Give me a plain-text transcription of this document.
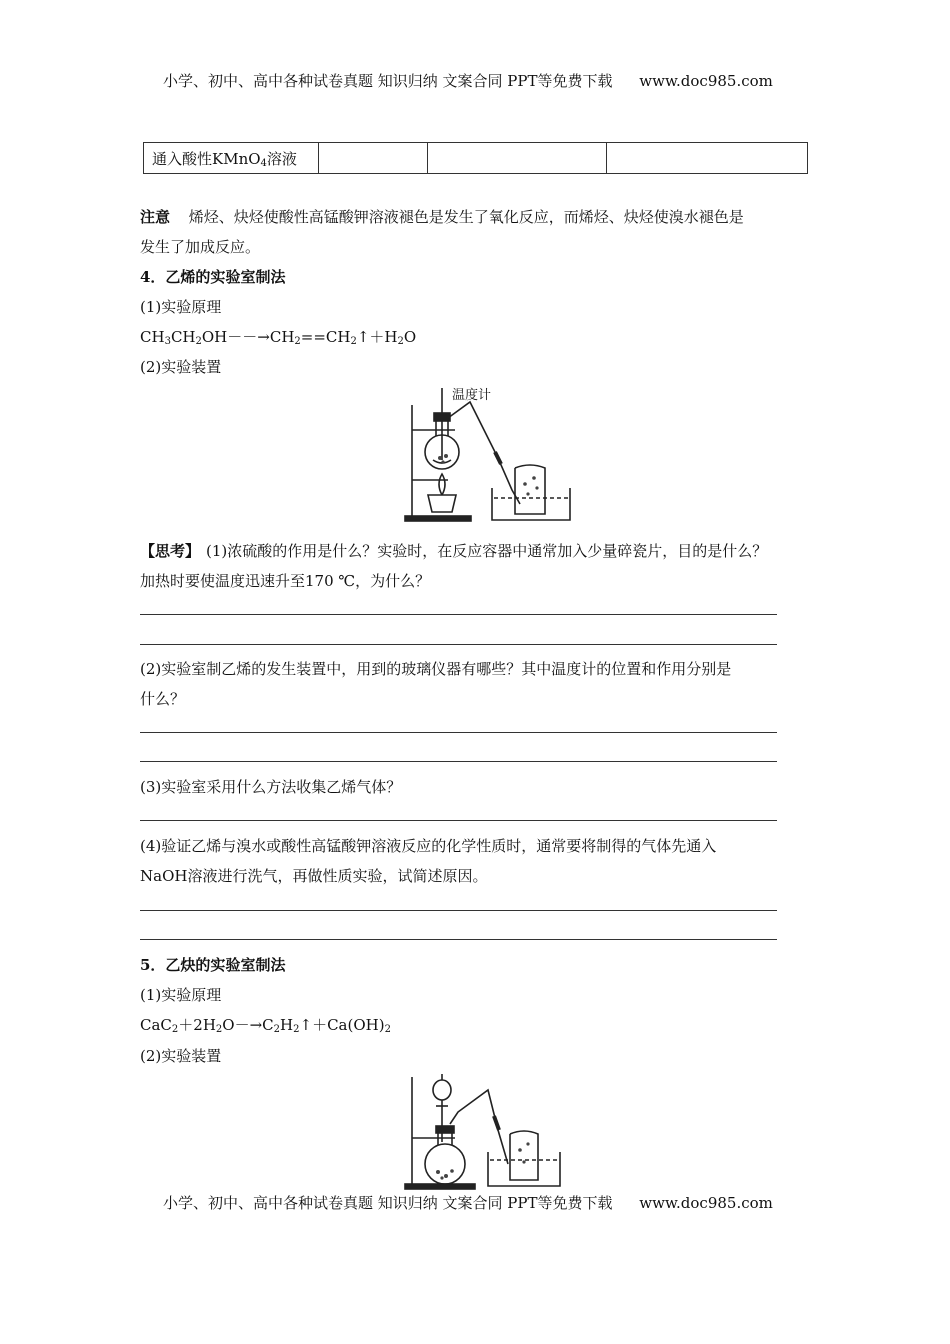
小学、初中、高中各种试卷真题 知识归纳 文案合同 PPT等免费下载 www.doc985.com
通入酸性KMnO$_4$溶液			
注意 烯烃、炔烃使酸性高锰酸钾溶液褪色是发生了氧化反应，而烯烃、炔烃使溴水褪色是
发生了加成反应。
4．乙烯的实验室制法
(1)实验原理
$CH_3CH_2OH--\to CH_2==CH_2↑+H_2O$
(2)实验装置
温度计
【思考】 (1)浓硫酸的作用是什么？实验时，在反应容器中通常加入少量碎瓷片，目的是什么？
加热时要使温度迅速升至170 ℃，为什么？
(2)实验室制乙烯的发生装置中，用到的玻璃仪器有哪些？其中温度计的位置和作用分别是
什么？
(3)实验室采用什么方法收集乙烯气体？
(4)验证乙烯与溴水或酸性高锰酸钾溶液反应的化学性质时，通常要将制得的气体先通入
NaOH溶液进行洗气，再做性质实验，试简述原因。
5．乙炔的实验室制法
(1)实验原理
$CaC_2+2H_2O-\to C_2H_2↑+Ca(OH)_2$
(2)实验装置
小学、初中、高中各种试卷真题 知识归纳 文案合同 PPT等免费下载 www.doc985.com
